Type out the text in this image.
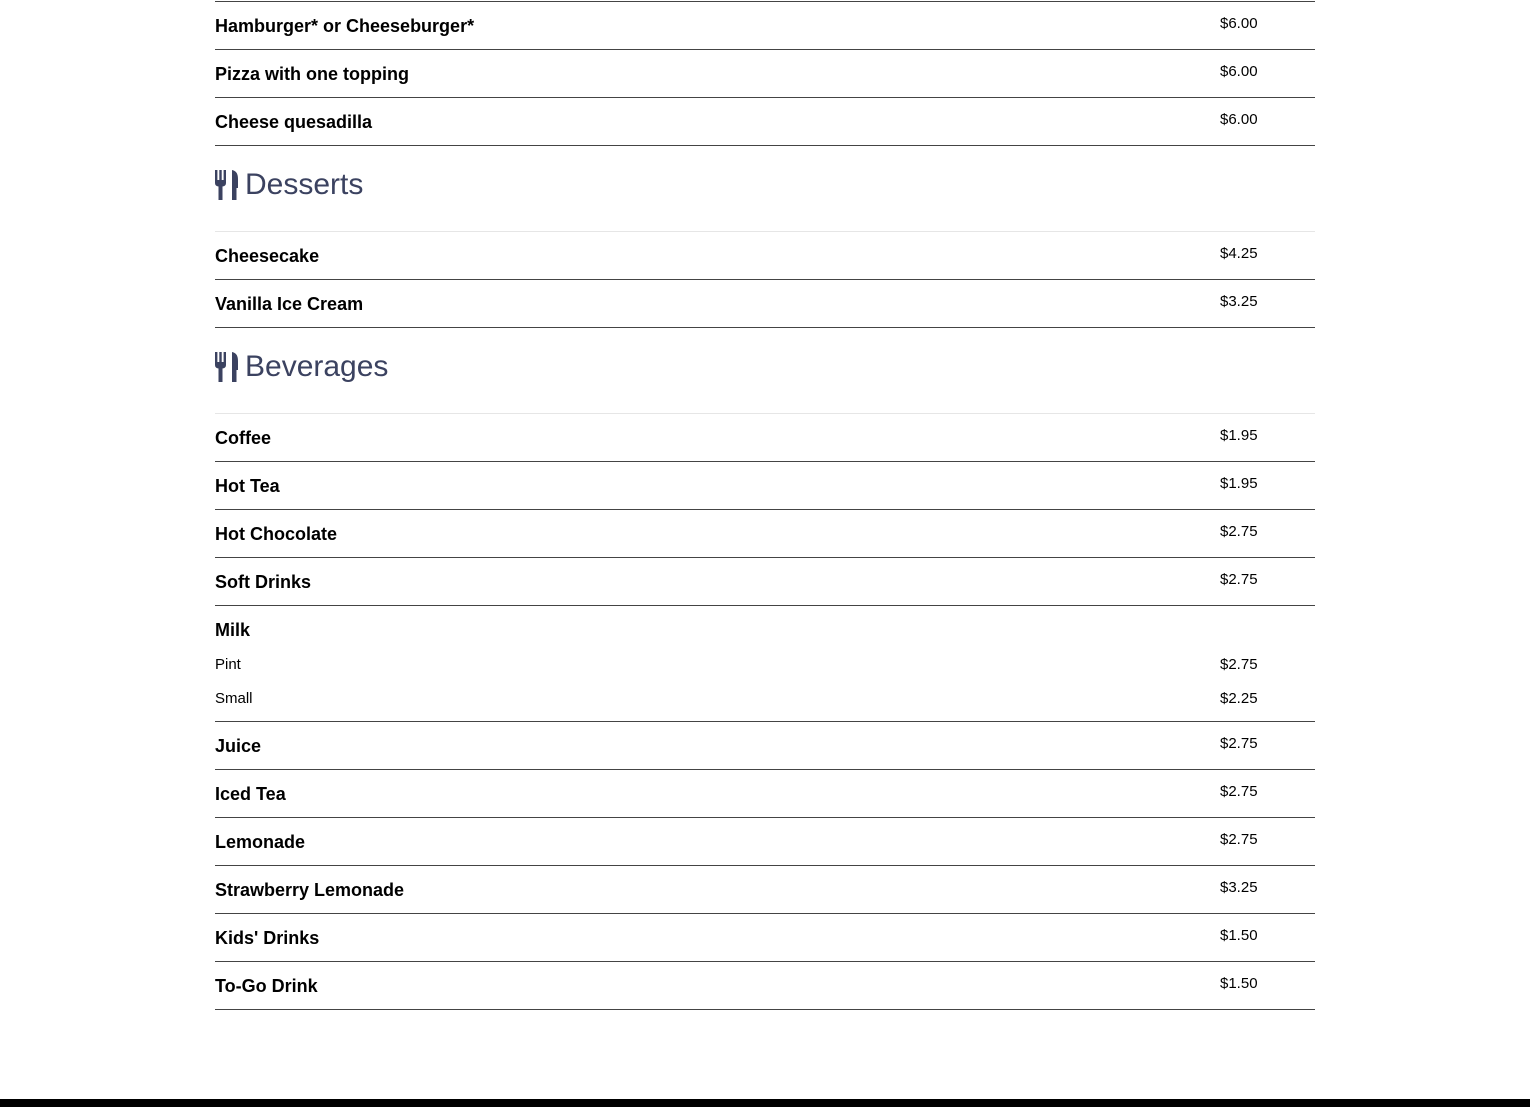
Hamburger* or Cheeseburger*	$6.00
Pizza with one topping	$6.00
Cheese quesadilla	$6.00
Desserts
Cheesecake	$4.25
Vanilla Ice Cream	$3.25
Beverages
Coffee	$1.95
Hot Tea	$1.95
Hot Chocolate	$2.75
Soft Drinks	$2.75
Milk
Pint	$2.75
Small	$2.25
Juice	$2.75
Iced Tea	$2.75
Lemonade	$2.75
Strawberry Lemonade	$3.25
Kids' Drinks	$1.50
To-Go Drink	$1.50
